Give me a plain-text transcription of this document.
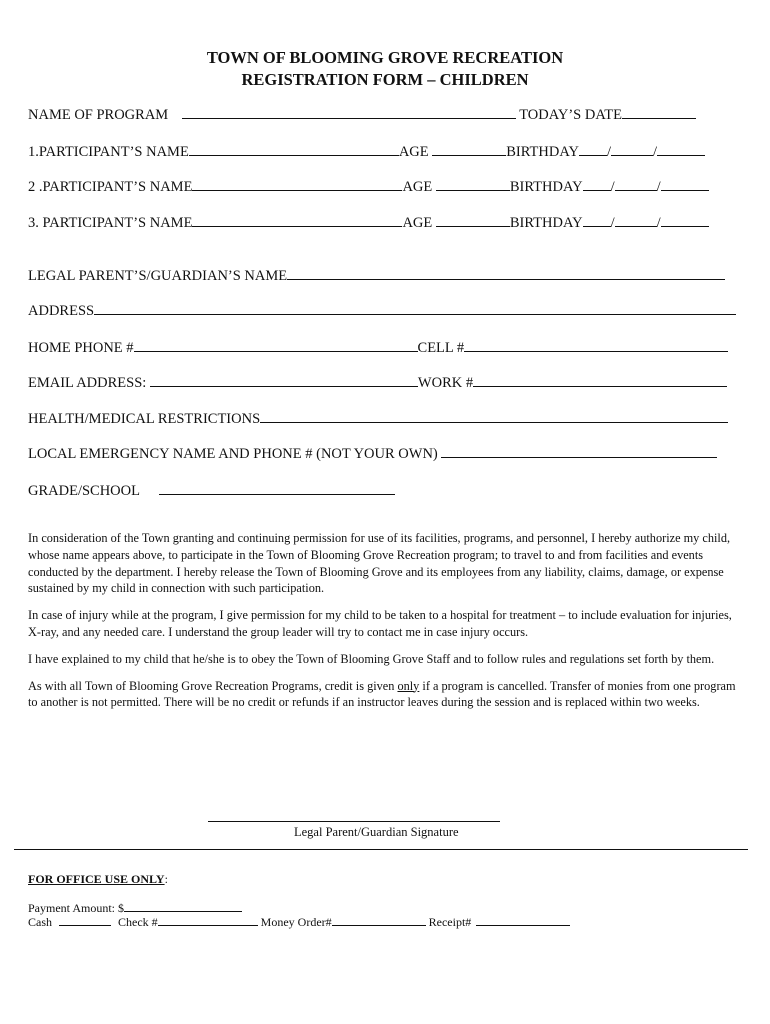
TOWN OF BLOOMING GROVE RECREATION
REGISTRATION FORM – CHILDREN
NAME OF PROGRAM	TODAY’S DATE
1.PARTICIPANT’S NAME	AGE	BIRTHDAY /	/
2 .PARTICIPANT’S NAME	AGE	BIRTHDAY /	/
3. PARTICIPANT’S NAME	AGE	BIRTHDAY /	/
LEGAL PARENT’S/GUARDIAN’S NAME
ADDRESS
HOME PHONE #	CELL #
EMAIL ADDRESS:	WORK #
HEALTH/MEDICAL RESTRICTIONS
LOCAL EMERGENCY NAME AND PHONE # (NOT YOUR OWN)
GRADE/SCHOOL

In consideration of the Town granting and continuing permission for use of its facilities, programs, and personnel, I hereby authorize my child, whose name appears above, to participate in the Town of Blooming Grove Recreation program; to travel to and from facilities and events conducted by the department. I hereby release the Town of Blooming Grove and its employees from any liability, claims, damage, or expense sustained by my child in connection with such participation.

In case of injury while at the program, I give permission for my child to be taken to a hospital for treatment – to include evaluation for injuries, X-ray, and any needed care. I understand the group leader will try to contact me in case injury occurs.

I have explained to my child that he/she is to obey the Town of Blooming Grove Staff and to follow rules and regulations set forth by them.

As with all Town of Blooming Grove Recreation Programs, credit is given only if a program is cancelled. Transfer of monies from one program to another is not permitted. There will be no credit or refunds if an instructor leaves during the session and is replaced within two weeks.

Legal Parent/Guardian Signature
FOR OFFICE USE ONLY:
Payment Amount: $
Cash	Check #	Money Order#	Receipt#
